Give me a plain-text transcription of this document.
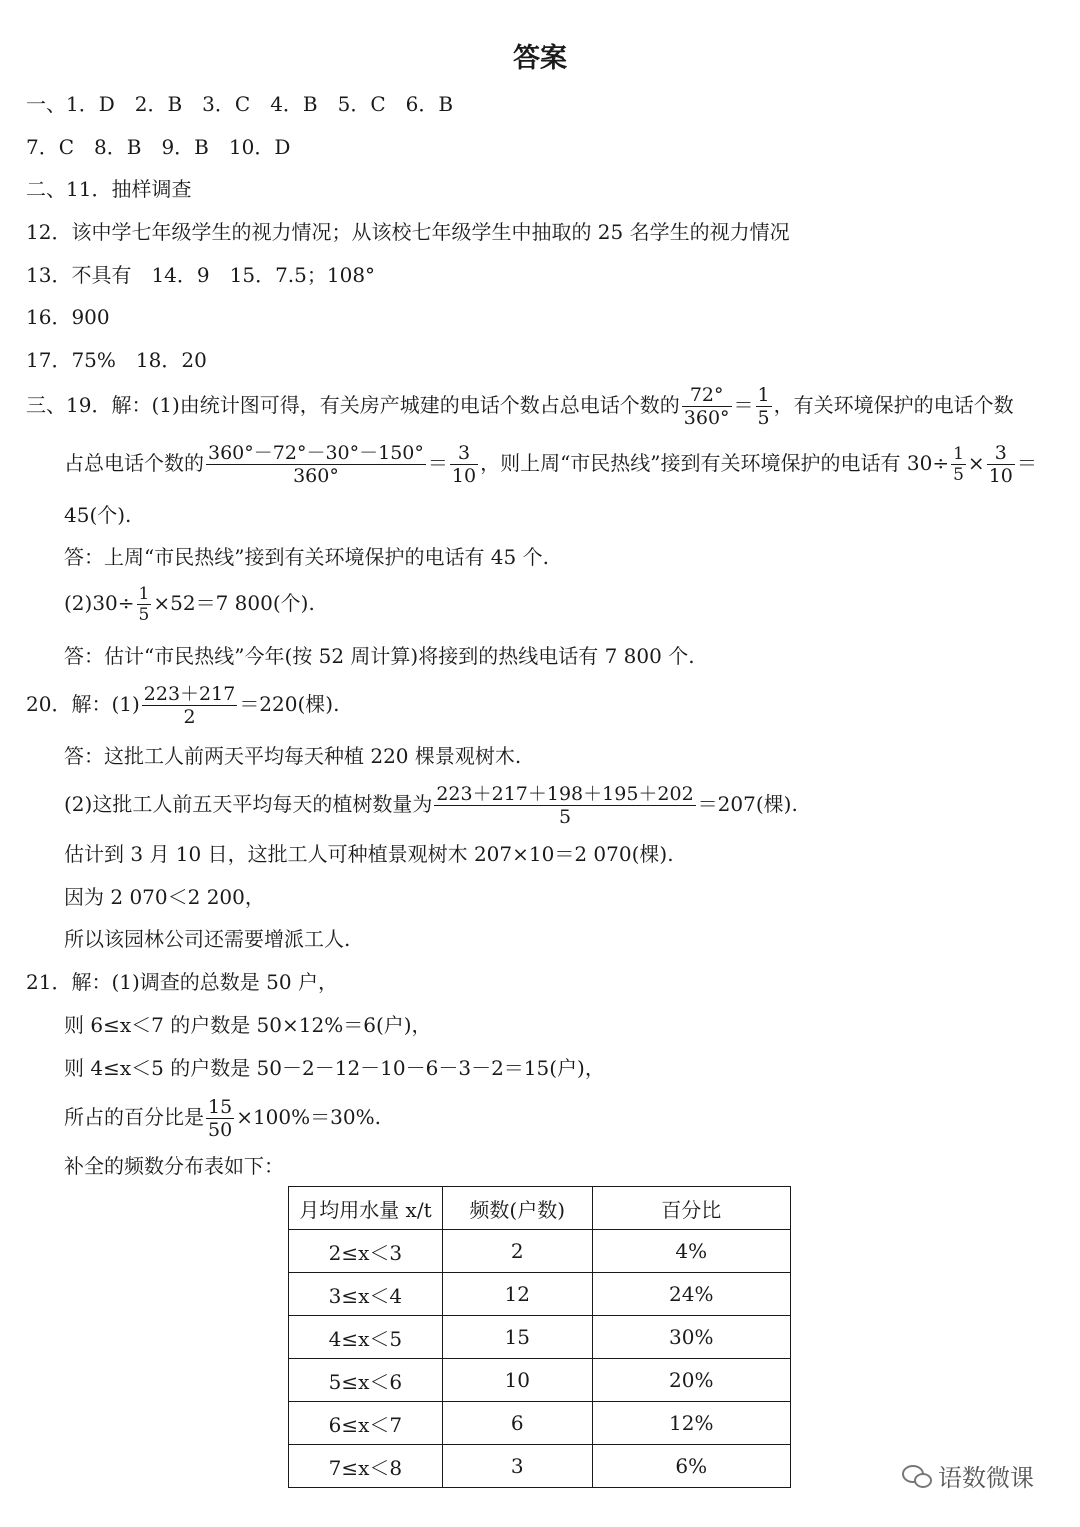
答案
一、1．D　2．B　3．C　4．B　5．C　6．B
7．C　8．B　9．B　10．D
二、11．抽样调查
12．该中学七年级学生的视力情况；从该校七年级学生中抽取的 25 名学生的视力情况
13．不具有　14．9　15．7.5；108°
16．900
17．75%　18．20
三、19．解：(1)由统计图可得，有关房产城建的电话个数占总电话个数的 $\frac{72^\circ}{360^\circ} = \frac{1}{5}$ ，有关环境保护的电话个数
占总电话个数的 $\frac{360^\circ-72^\circ-30^\circ-150^\circ}{360^\circ} = \frac{3}{10}$ ，则上周“市民热线”接到有关环境保护的电话有 $30\div \frac{1}{5} \times \frac{3}{10}$ ＝
45(个).
答：上周“市民热线”接到有关环境保护的电话有 45 个.
$(2)30\div \frac{1}{5} \times 52=7$ 800(个).
答：估计“市民热线”今年(按 52 周计算)将接到的热线电话有 7 800 个.
20．解：$(1) \frac{223+217}{2} =220$(棵).
答：这批工人前两天平均每天种植 220 棵景观树木.
(2)这批工人前五天平均每天的植树数量为 $\frac{223+217+198+195+202}{5} =207$(棵).
估计到 3 月 10 日，这批工人可种植景观树木 207×10＝2 070(棵).
因为 2 070＜2 200，
所以该园林公司还需要增派工人.
21．解：(1)调查的总数是 50 户，
则 6≤x＜7 的户数是 50×12%＝6(户)，
则 4≤x＜5 的户数是 50－2－12－10－6－3－2＝15(户)，
所占的百分比是 $\frac{15}{50} \times 100\%=30\%$.
补全的频数分布表如下：
月均用水量 x/t	频数(户数)	百分比
2≤x＜3	2	4%
3≤x＜4	12	24%
4≤x＜5	15	30%
5≤x＜6	10	20%
6≤x＜7	6	12%
7≤x＜8	3	6%	语数微课
